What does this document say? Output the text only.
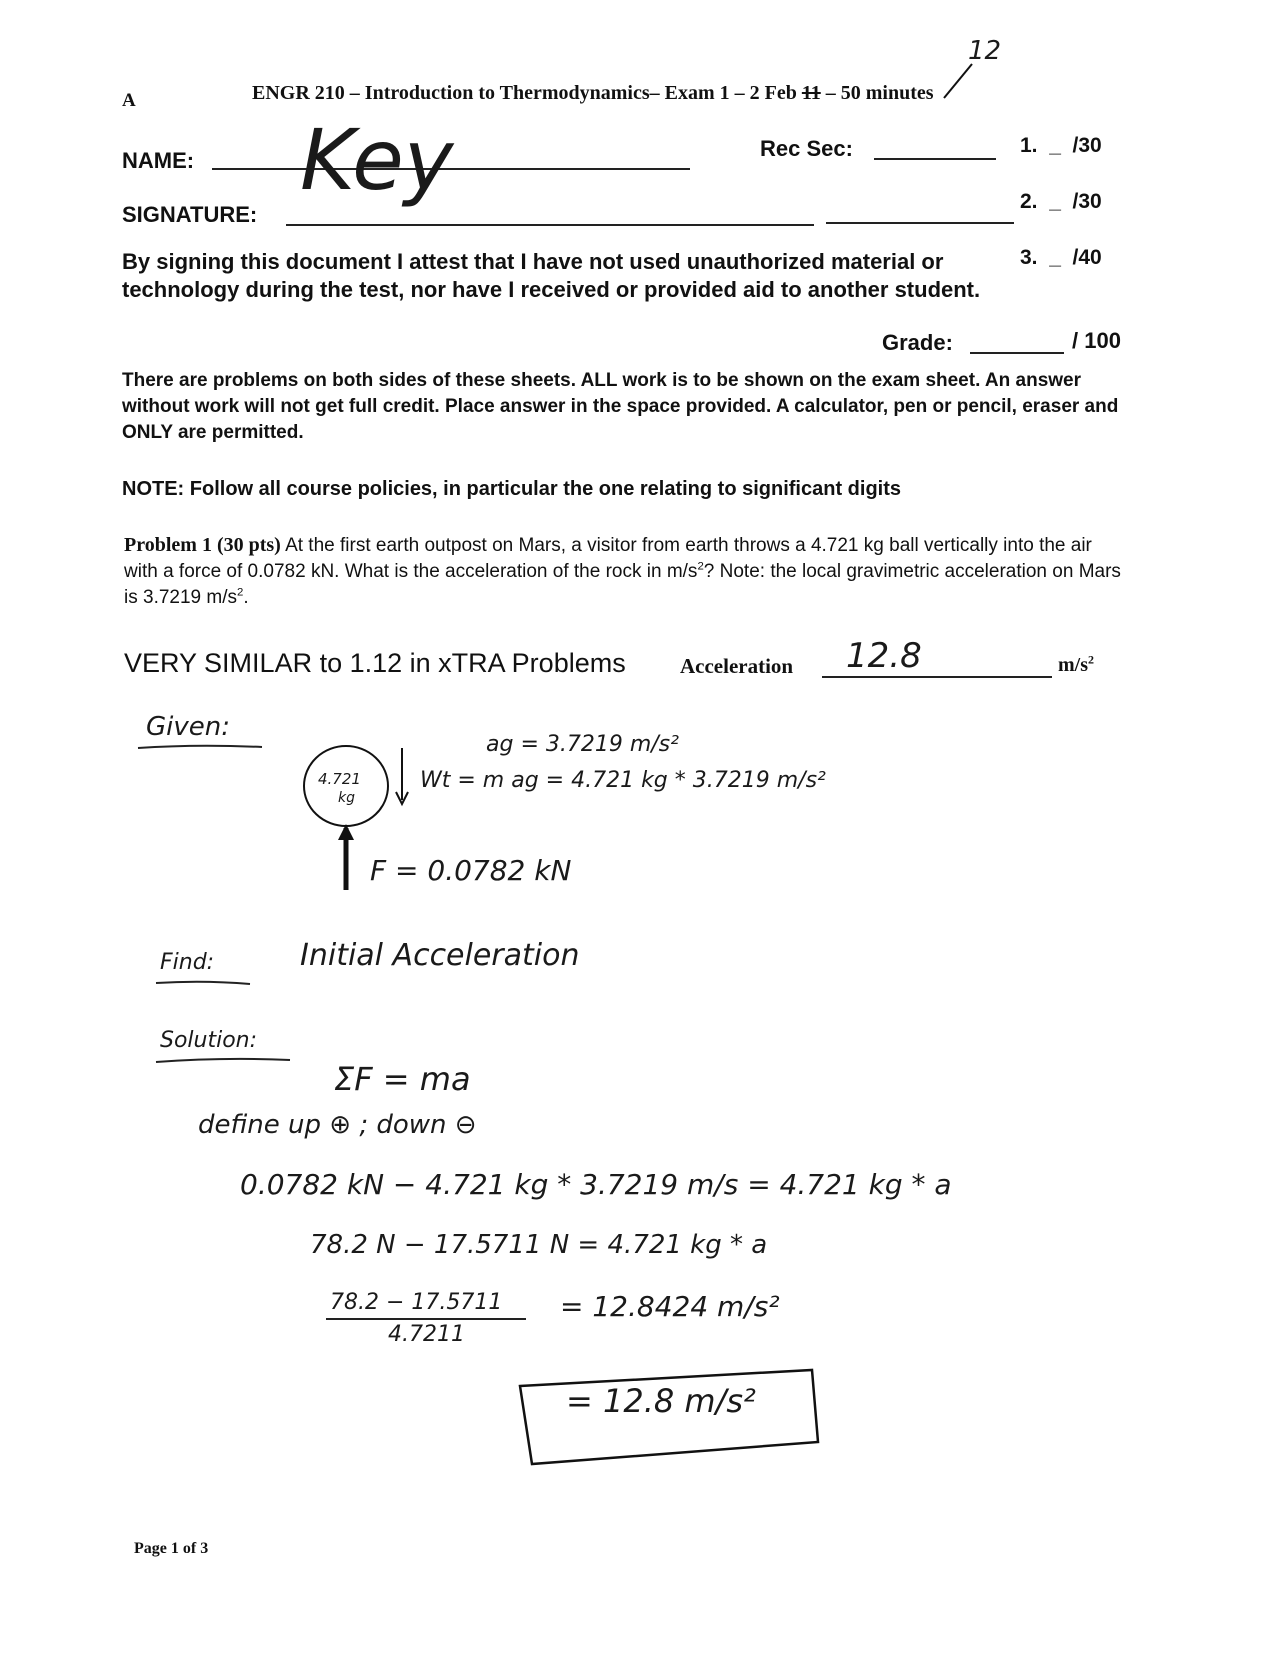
A	ENGR 210 – Introduction to Thermodynamics– Exam 1 – 2 Feb 11 – 50 minutes
12
NAME: Key
SIGNATURE:
Rec Sec:	1. _ /30
2. _ /30
3. _ /40

By signing this document I attest that I have not used unauthorized material or technology during the test, nor have I received or provided aid to another student.

Grade:	/ 100

There are problems on both sides of these sheets. ALL work is to be shown on the exam sheet. An answer without work will not get full credit. Place answer in the space provided. A calculator, pen or pencil, eraser and ONLY are permitted.

NOTE: Follow all course policies, in particular the one relating to significant digits

Problem 1 (30 pts) At the first earth outpost on Mars, a visitor from earth throws a 4.721 kg ball vertically into the air with a force of 0.0782 kN. What is the acceleration of the rock in $m/s^2$? Note: the local gravimetric acceleration on Mars is 3.7219 $m/s^2$.

VERY SIMILAR to 1.12 in xTRA Problems	Acceleration 12.8	$m/s^2$
Given:
ag = 3.7219 m/s²
4.721
kg
Wt = m ag = 4.721 kg * 3.7219 m/s²
F = 0.0782 kN
Find:	Initial Acceleration
Solution:
ΣF = ma
define up ⊕ ; down ⊖
0.0782 kN − 4.721 kg * 3.7219 m/s = 4.721 kg * a
78.2 N − 17.5711 N = 4.721 kg * a
78.2 − 17.5711
4.7211
= 12.8424 m/s²
= 12.8 m/s²
Page 1 of 3
